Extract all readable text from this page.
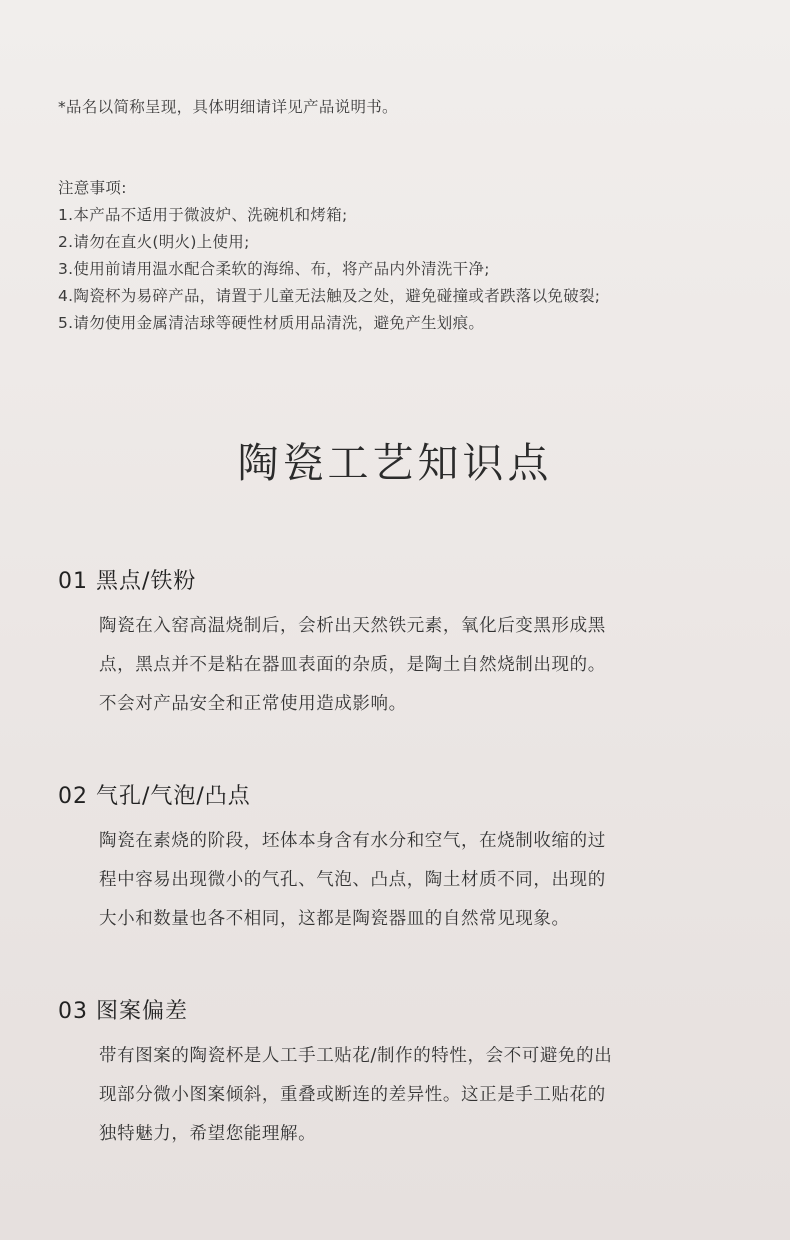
*品名以简称呈现，具体明细请详见产品说明书。

注意事项:
1.本产品不适用于微波炉、洗碗机和烤箱;
2.请勿在直火(明火)上使用;
3.使用前请用温水配合柔软的海绵、布，将产品内外清洗干净;
4.陶瓷杯为易碎产品，请置于儿童无法触及之处，避免碰撞或者跌落以免破裂;
5.请勿使用金属清洁球等硬性材质用品清洗，避免产生划痕。
陶瓷工艺知识点
01 黑点/铁粉
陶瓷在入窑高温烧制后，会析出天然铁元素，氧化后变黑形成黑
点，黑点并不是粘在器皿表面的杂质，是陶土自然烧制出现的。
不会对产品安全和正常使用造成影响。
02 气孔/气泡/凸点
陶瓷在素烧的阶段，坯体本身含有水分和空气，在烧制收缩的过
程中容易出现微小的气孔、气泡、凸点，陶土材质不同，出现的
大小和数量也各不相同，这都是陶瓷器皿的自然常见现象。
03 图案偏差
带有图案的陶瓷杯是人工手工贴花/制作的特性，会不可避免的出
现部分微小图案倾斜，重叠或断连的差异性。这正是手工贴花的
独特魅力，希望您能理解。
